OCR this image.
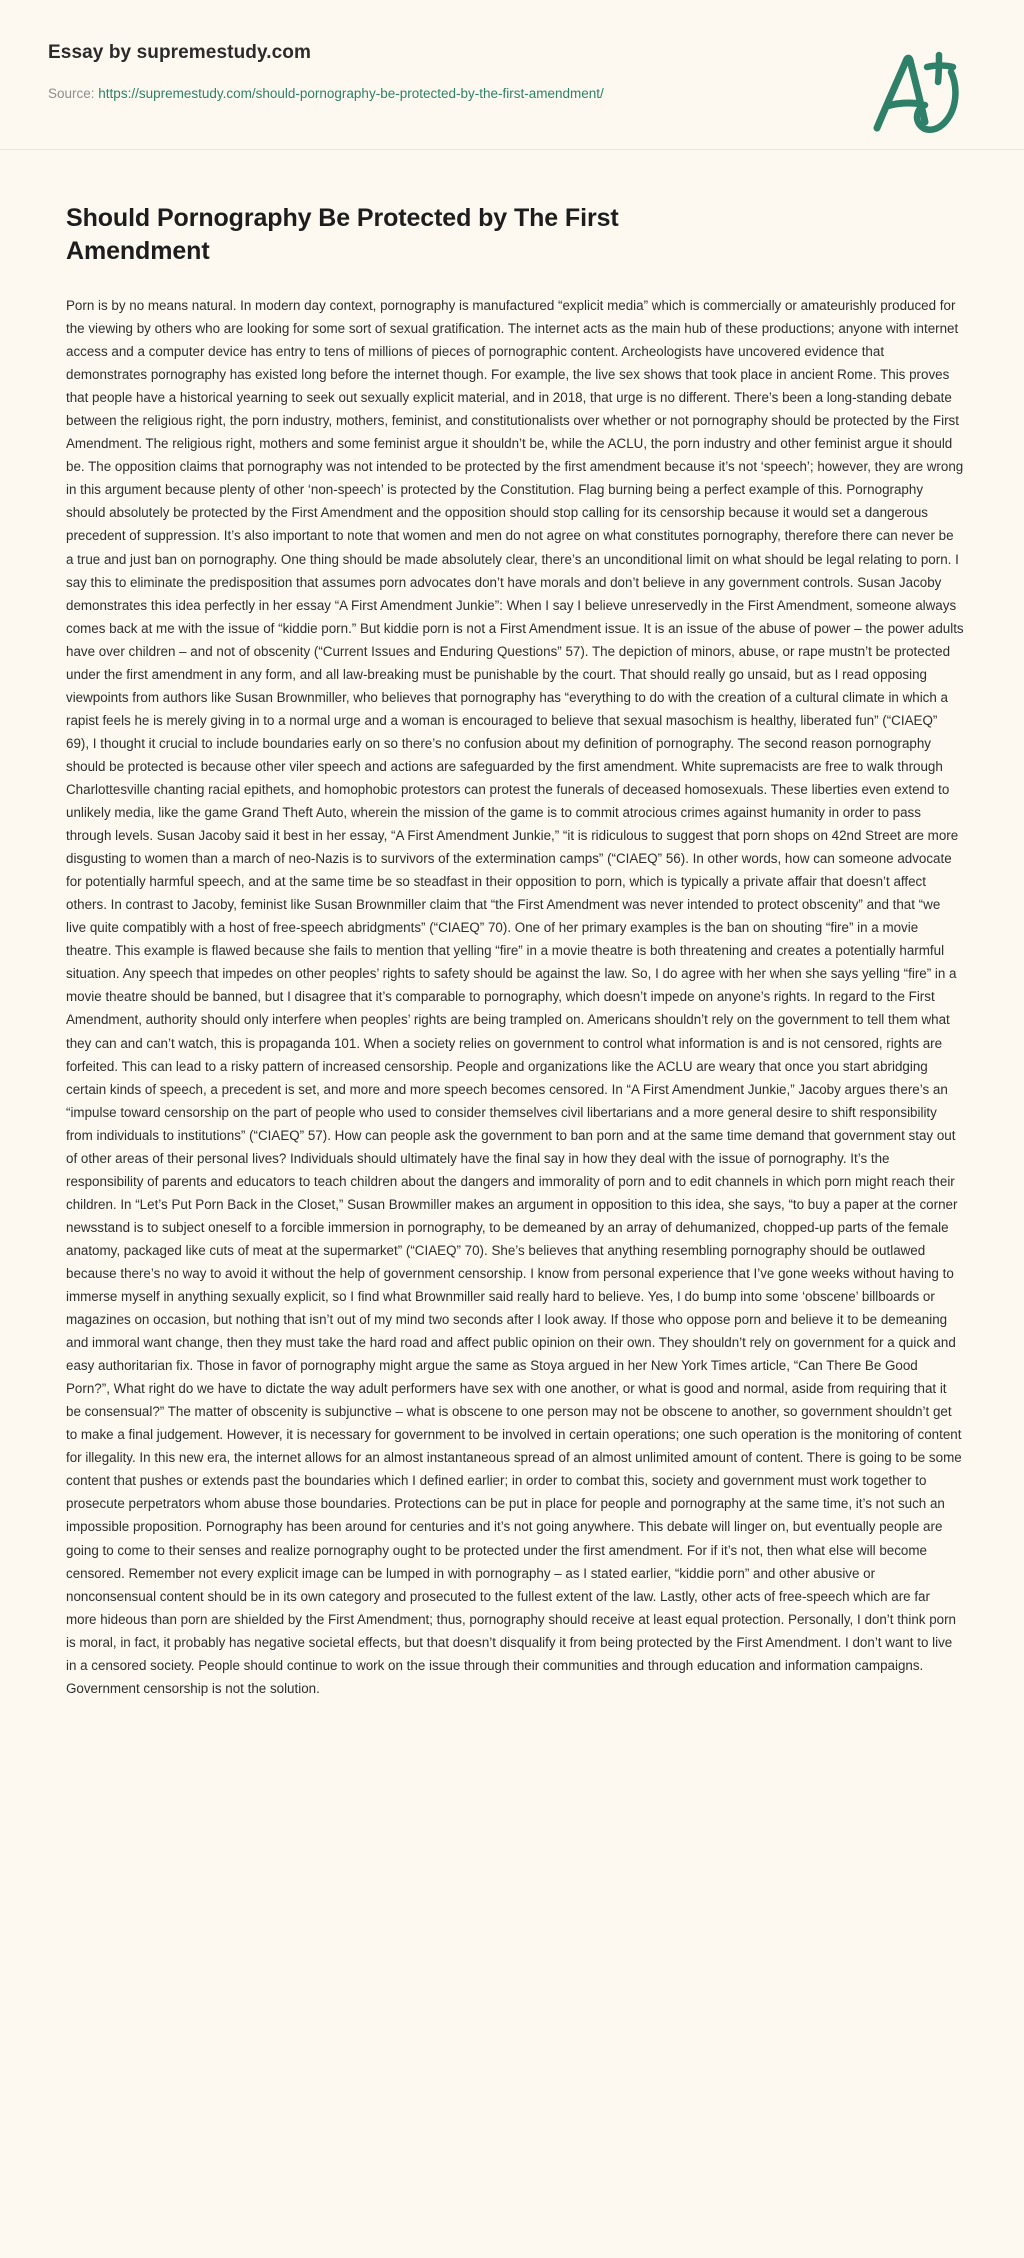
Essay by supremestudy.com
Source: https://supremestudy.com/should-pornography-be-protected-by-the-first-amendment/
Should Pornography Be Protected by The First Amendment

Porn is by no means natural. In modern day context, pornography is manufactured “explicit media” which is commercially or amateurishly produced for the viewing by others who are looking for some sort of sexual gratification. The internet acts as the main hub of these productions; anyone with internet access and a computer device has entry to tens of millions of pieces of pornographic content. Archeologists have uncovered evidence that demonstrates pornography has existed long before the internet though. For example, the live sex shows that took place in ancient Rome. This proves that people have a historical yearning to seek out sexually explicit material, and in 2018, that urge is no different. There’s been a long-standing debate between the religious right, the porn industry, mothers, feminist, and constitutionalists over whether or not pornography should be protected by the First Amendment. The religious right, mothers and some feminist argue it shouldn’t be, while the ACLU, the porn industry and other feminist argue it should be. The opposition claims that pornography was not intended to be protected by the first amendment because it’s not ‘speech’; however, they are wrong in this argument because plenty of other ‘non-speech’ is protected by the Constitution. Flag burning being a perfect example of this. Pornography should absolutely be protected by the First Amendment and the opposition should stop calling for its censorship because it would set a dangerous precedent of suppression. It’s also important to note that women and men do not agree on what constitutes pornography, therefore there can never be a true and just ban on pornography. One thing should be made absolutely clear, there’s an unconditional limit on what should be legal relating to porn. I say this to eliminate the predisposition that assumes porn advocates don’t have morals and don’t believe in any government controls. Susan Jacoby demonstrates this idea perfectly in her essay “A First Amendment Junkie”: When I say I believe unreservedly in the First Amendment, someone always comes back at me with the issue of “kiddie porn.” But kiddie porn is not a First Amendment issue. It is an issue of the abuse of power – the power adults have over children – and not of obscenity (“Current Issues and Enduring Questions” 57). The depiction of minors, abuse, or rape mustn’t be protected under the first amendment in any form, and all law-breaking must be punishable by the court. That should really go unsaid, but as I read opposing viewpoints from authors like Susan Brownmiller, who believes that pornography has “everything to do with the creation of a cultural climate in which a rapist feels he is merely giving in to a normal urge and a woman is encouraged to believe that sexual masochism is healthy, liberated fun” (“CIAEQ” 69), I thought it crucial to include boundaries early on so there’s no confusion about my definition of pornography. The second reason pornography should be protected is because other viler speech and actions are safeguarded by the first amendment. White supremacists are free to walk through Charlottesville chanting racial epithets, and homophobic protestors can protest the funerals of deceased homosexuals. These liberties even extend to unlikely media, like the game Grand Theft Auto, wherein the mission of the game is to commit atrocious crimes against humanity in order to pass through levels. Susan Jacoby said it best in her essay, “A First Amendment Junkie,” “it is ridiculous to suggest that porn shops on 42nd Street are more disgusting to women than a march of neo-Nazis is to survivors of the extermination camps” (“CIAEQ” 56). In other words, how can someone advocate for potentially harmful speech, and at the same time be so steadfast in their opposition to porn, which is typically a private affair that doesn’t affect others. In contrast to Jacoby, feminist like Susan Brownmiller claim that “the First Amendment was never intended to protect obscenity” and that “we live quite compatibly with a host of free-speech abridgments” (“CIAEQ” 70). One of her primary examples is the ban on shouting “fire” in a movie theatre. This example is flawed because she fails to mention that yelling “fire” in a movie theatre is both threatening and creates a potentially harmful situation. Any speech that impedes on other peoples’ rights to safety should be against the law. So, I do agree with her when she says yelling “fire” in a movie theatre should be banned, but I disagree that it’s comparable to pornography, which doesn’t impede on anyone’s rights. In regard to the First Amendment, authority should only interfere when peoples’ rights are being trampled on. Americans shouldn’t rely on the government to tell them what they can and can’t watch, this is propaganda 101. When a society relies on government to control what information is and is not censored, rights are forfeited. This can lead to a risky pattern of increased censorship. People and organizations like the ACLU are weary that once you start abridging certain kinds of speech, a precedent is set, and more and more speech becomes censored. In “A First Amendment Junkie,” Jacoby argues there’s an “impulse toward censorship on the part of people who used to consider themselves civil libertarians and a more general desire to shift responsibility from individuals to institutions” (“CIAEQ” 57). How can people ask the government to ban porn and at the same time demand that government stay out of other areas of their personal lives? Individuals should ultimately have the final say in how they deal with the issue of pornography. It’s the responsibility of parents and educators to teach children about the dangers and immorality of porn and to edit channels in which porn might reach their children. In “Let’s Put Porn Back in the Closet,” Susan Browmiller makes an argument in opposition to this idea, she says, “to buy a paper at the corner newsstand is to subject oneself to a forcible immersion in pornography, to be demeaned by an array of dehumanized, chopped-up parts of the female anatomy, packaged like cuts of meat at the supermarket” (“CIAEQ” 70). She’s believes that anything resembling pornography should be outlawed because there’s no way to avoid it without the help of government censorship. I know from personal experience that I’ve gone weeks without having to immerse myself in anything sexually explicit, so I find what Brownmiller said really hard to believe. Yes, I do bump into some ‘obscene’ billboards or magazines on occasion, but nothing that isn’t out of my mind two seconds after I look away. If those who oppose porn and believe it to be demeaning and immoral want change, then they must take the hard road and affect public opinion on their own. They shouldn’t rely on government for a quick and easy authoritarian fix. Those in favor of pornography might argue the same as Stoya argued in her New York Times article, “Can There Be Good Porn?”, What right do we have to dictate the way adult performers have sex with one another, or what is good and normal, aside from requiring that it be consensual?” The matter of obscenity is subjunctive – what is obscene to one person may not be obscene to another, so government shouldn’t get to make a final judgement. However, it is necessary for government to be involved in certain operations; one such operation is the monitoring of content for illegality. In this new era, the internet allows for an almost instantaneous spread of an almost unlimited amount of content. There is going to be some content that pushes or extends past the boundaries which I defined earlier; in order to combat this, society and government must work together to prosecute perpetrators whom abuse those boundaries. Protections can be put in place for people and pornography at the same time, it’s not such an impossible proposition. Pornography has been around for centuries and it’s not going anywhere. This debate will linger on, but eventually people are going to come to their senses and realize pornography ought to be protected under the first amendment. For if it’s not, then what else will become censored. Remember not every explicit image can be lumped in with pornography – as I stated earlier, “kiddie porn” and other abusive or nonconsensual content should be in its own category and prosecuted to the fullest extent of the law. Lastly, other acts of free-speech which are far more hideous than porn are shielded by the First Amendment; thus, pornography should receive at least equal protection. Personally, I don’t think porn is moral, in fact, it probably has negative societal effects, but that doesn’t disqualify it from being protected by the First Amendment. I don’t want to live in a censored society. People should continue to work on the issue through their communities and through education and information campaigns. Government censorship is not the solution.
